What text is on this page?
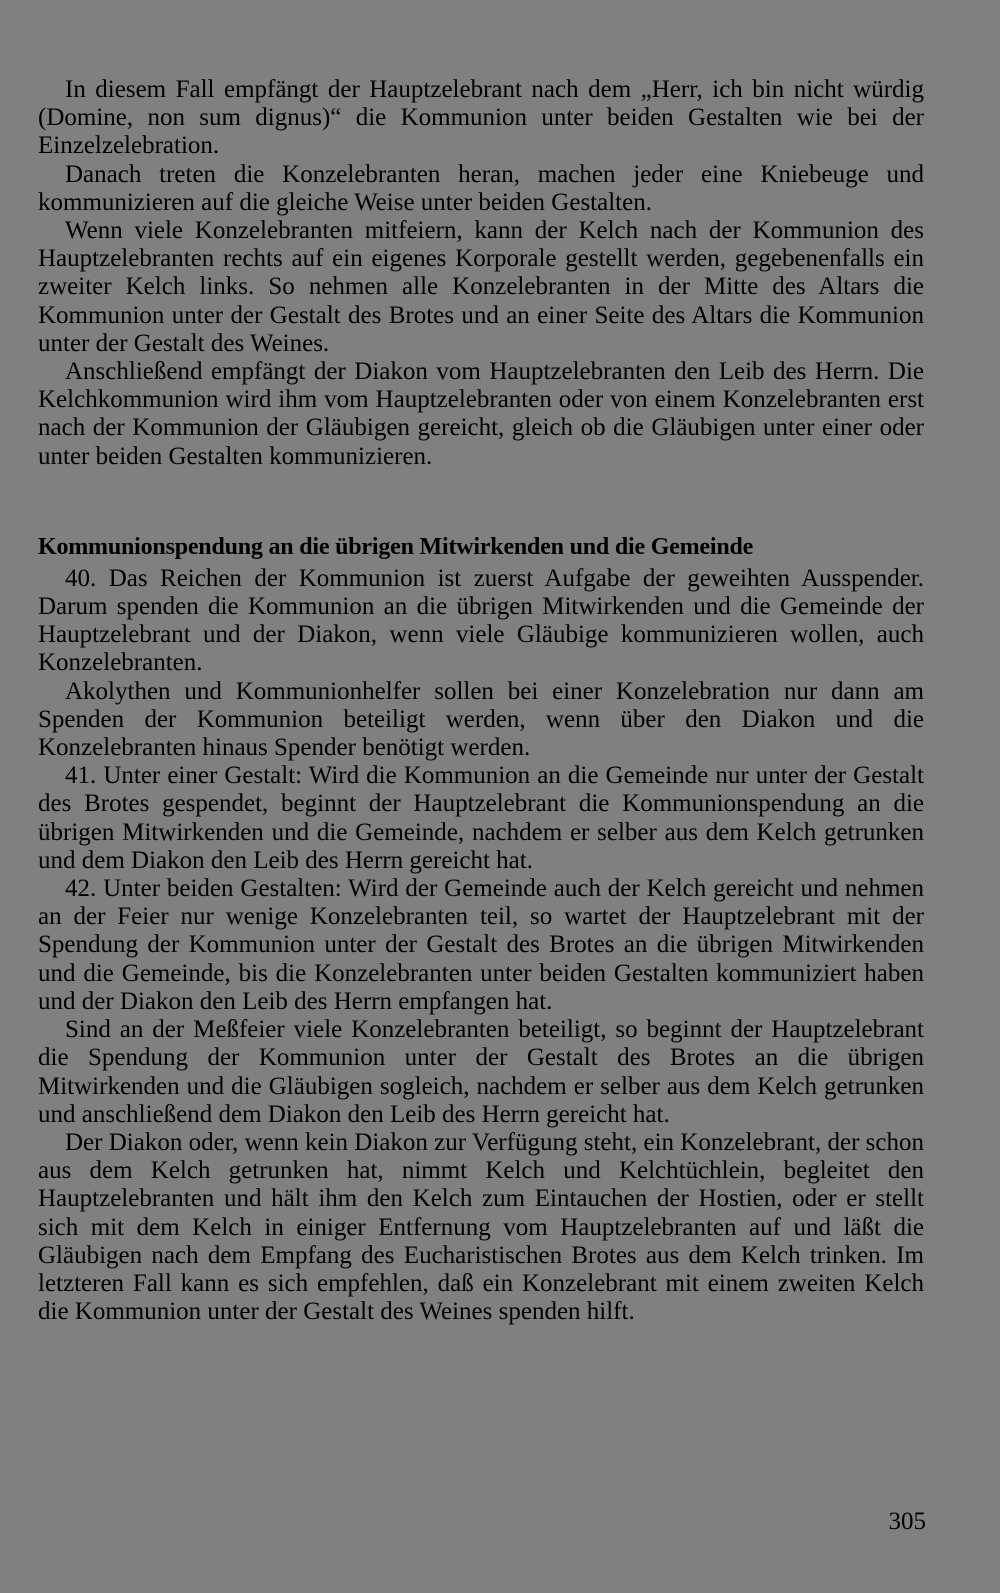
In diesem Fall empfängt der Hauptzelebrant nach dem „Herr, ich bin nicht würdig (Domine, non sum dignus)“ die Kommunion unter beiden Gestalten wie bei der Einzelzelebration.

Danach treten die Konzelebranten heran, machen jeder eine Kniebeuge und kommunizieren auf die gleiche Weise unter beiden Gestalten.

Wenn viele Konzelebranten mitfeiern, kann der Kelch nach der Kommunion des Hauptzelebranten rechts auf ein eigenes Korporale gestellt werden, gegebenenfalls ein zweiter Kelch links. So nehmen alle Konzelebranten in der Mitte des Altars die Kommunion unter der Gestalt des Brotes und an einer Seite des Altars die Kommunion unter der Gestalt des Weines.

Anschließend empfängt der Diakon vom Hauptzelebranten den Leib des Herrn. Die Kelchkommunion wird ihm vom Hauptzelebranten oder von einem Konzelebranten erst nach der Kommunion der Gläubigen gereicht, gleich ob die Gläubigen unter einer oder unter beiden Gestalten kommunizieren.

Kommunionspendung an die übrigen Mitwirkenden und die Gemeinde

40. Das Reichen der Kommunion ist zuerst Aufgabe der geweihten Ausspender. Darum spenden die Kommunion an die übrigen Mitwirkenden und die Gemeinde der Hauptzelebrant und der Diakon, wenn viele Gläubige kommunizieren wollen, auch Konzelebranten.

Akolythen und Kommunionhelfer sollen bei einer Konzelebration nur dann am Spenden der Kommunion beteiligt werden, wenn über den Diakon und die Konzelebranten hinaus Spender benötigt werden.

41. Unter einer Gestalt: Wird die Kommunion an die Gemeinde nur unter der Gestalt des Brotes gespendet, beginnt der Hauptzelebrant die Kommunionspendung an die übrigen Mitwirkenden und die Gemeinde, nachdem er selber aus dem Kelch getrunken und dem Diakon den Leib des Herrn gereicht hat.

42. Unter beiden Gestalten: Wird der Gemeinde auch der Kelch gereicht und nehmen an der Feier nur wenige Konzelebranten teil, so wartet der Hauptzelebrant mit der Spendung der Kommunion unter der Gestalt des Brotes an die übrigen Mitwirkenden und die Gemeinde, bis die Konzelebranten unter beiden Gestalten kommuniziert haben und der Diakon den Leib des Herrn empfangen hat.

Sind an der Meßfeier viele Konzelebranten beteiligt, so beginnt der Hauptzelebrant die Spendung der Kommunion unter der Gestalt des Brotes an die übrigen Mitwirkenden und die Gläubigen sogleich, nachdem er selber aus dem Kelch getrunken und anschließend dem Diakon den Leib des Herrn gereicht hat.

Der Diakon oder, wenn kein Diakon zur Verfügung steht, ein Konzelebrant, der schon aus dem Kelch getrunken hat, nimmt Kelch und Kelchtüchlein, begleitet den Hauptzelebranten und hält ihm den Kelch zum Eintauchen der Hostien, oder er stellt sich mit dem Kelch in einiger Entfernung vom Hauptzelebranten auf und läßt die Gläubigen nach dem Empfang des Eucharistischen Brotes aus dem Kelch trinken. Im letzteren Fall kann es sich empfehlen, daß ein Konzelebrant mit einem zweiten Kelch die Kommunion unter der Gestalt des Weines spenden hilft.

305
